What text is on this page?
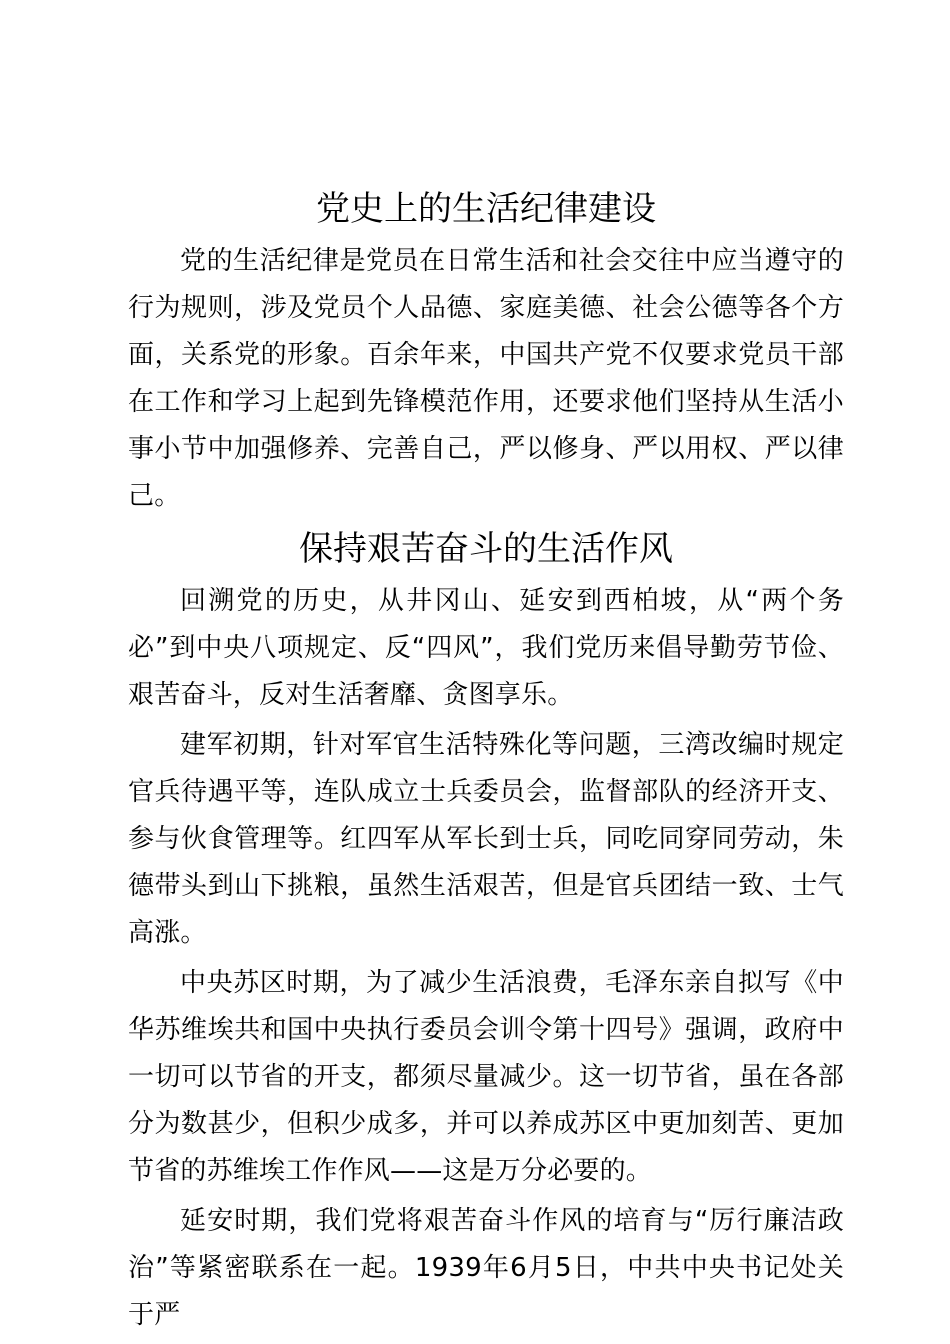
党史上的生活纪律建设

党的生活纪律是党员在日常生活和社会交往中应当遵守的行为规则，涉及党员个人品德、家庭美德、社会公德等各个方面，关系党的形象。百余年来，中国共产党不仅要求党员干部在工作和学习上起到先锋模范作用，还要求他们坚持从生活小事小节中加强修养、完善自己，严以修身、严以用权、严以律己。

保持艰苦奋斗的生活作风

回溯党的历史，从井冈山、延安到西柏坡，从“两个务必”到中央八项规定、反“四风”，我们党历来倡导勤劳节俭、艰苦奋斗，反对生活奢靡、贪图享乐。

建军初期，针对军官生活特殊化等问题，三湾改编时规定官兵待遇平等，连队成立士兵委员会，监督部队的经济开支、参与伙食管理等。红四军从军长到士兵，同吃同穿同劳动，朱德带头到山下挑粮，虽然生活艰苦，但是官兵团结一致、士气高涨。

中央苏区时期，为了减少生活浪费，毛泽东亲自拟写《中华苏维埃共和国中央执行委员会训令第十四号》强调，政府中一切可以节省的开支，都须尽量减少。这一切节省，虽在各部分为数甚少，但积少成多，并可以养成苏区中更加刻苦、更加节省的苏维埃工作作风——这是万分必要的。

延安时期，我们党将艰苦奋斗作风的培育与“厉行廉洁政治”等紧密联系在一起。1939年6月5日，中共中央书记处关于严
